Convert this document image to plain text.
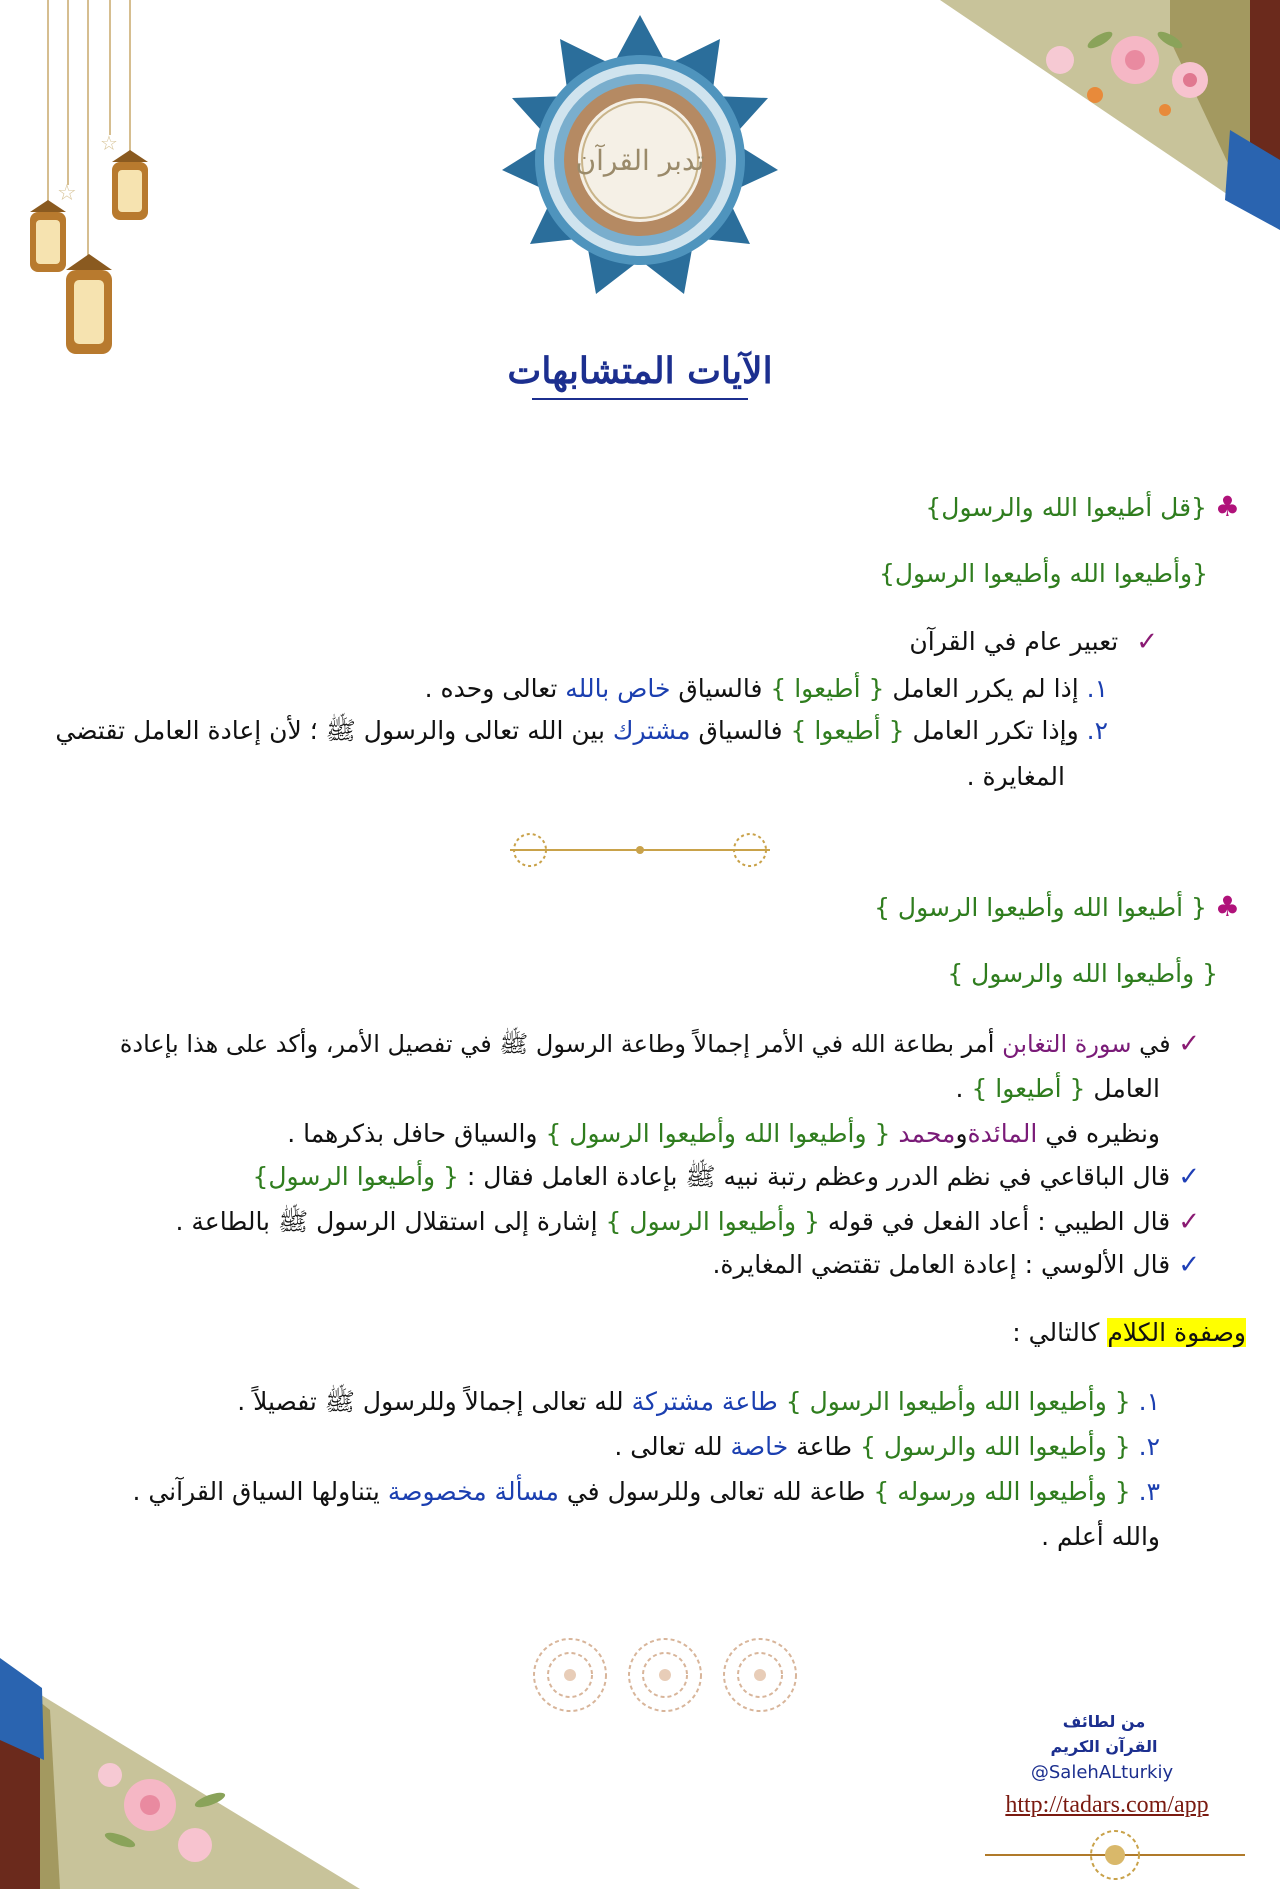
☆
☆
تدبر القرآن
الآيات المتشابهات
♣ {قل أطيعوا الله والرسول}
{وأطيعوا الله وأطيعوا الرسول}
✓ تعبير عام في القرآن
١. إذا لم يكرر العامل { أطيعوا } فالسياق خاص بالله تعالى وحده .
٢. وإذا تكرر العامل { أطيعوا } فالسياق مشترك بين الله تعالى والرسول ﷺ ؛ لأن إعادة العامل تقتضي
المغايرة .
♣ { أطيعوا الله وأطيعوا الرسول }
{ وأطيعوا الله والرسول }
✓ في سورة التغابن أمر بطاعة الله في الأمر إجمالاً وطاعة الرسول ﷺ في تفصيل الأمر، وأكد على هذا بإعادة
العامل { أطيعوا } .
ونظيره في المائدةومحمد { وأطيعوا الله وأطيعوا الرسول } والسياق حافل بذكرهما .
✓ قال الباقاعي في نظم الدرر وعظم رتبة نبيه ﷺ بإعادة العامل فقال : { وأطيعوا الرسول}
✓ قال الطيبي : أعاد الفعل في قوله { وأطيعوا الرسول } إشارة إلى استقلال الرسول ﷺ بالطاعة .
✓ قال الألوسي : إعادة العامل تقتضي المغايرة.
وصفوة الكلام كالتالي :
١. { وأطيعوا الله وأطيعوا الرسول } طاعة مشتركة لله تعالى إجمالاً وللرسول ﷺ تفصيلاً .
٢. { وأطيعوا الله والرسول } طاعة خاصة لله تعالى .
٣. { وأطيعوا الله ورسوله } طاعة لله تعالى وللرسول في مسألة مخصوصة يتناولها السياق القرآني .
والله أعلم .
من لطائف
القرآن الكريم
@SalehALturkiy
http://tadars.com/app
